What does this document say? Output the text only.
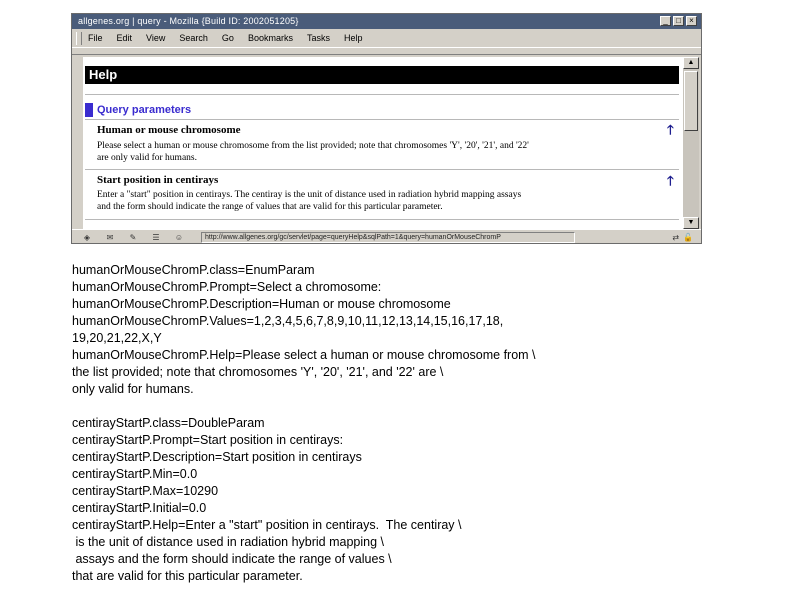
allgenes.org | query - Mozilla {Build ID: 2002051205}	_	□	×
File Edit View Search Go Bookmarks Tasks Help
Help
Query parameters
Human or mouse chromosome	🡑
Please select a human or mouse chromosome from the list provided; note that chromosomes 'Y', '20', '21', and '22'
are only valid for humans.
Start position in centirays	🡑
Enter a "start" position in centirays. The centiray is the unit of distance used in radiation hybrid mapping assays
and the form should indicate the range of values that are valid for this particular parameter.
▲
▼
◈	✉	✎	☰	☺	http://www.allgenes.org/gc/servlet/page=queryHelp&sqlPath=1&query=humanOrMouseChromP	⇄ 🔓
humanOrMouseChromP.class=EnumParam
humanOrMouseChromP.Prompt=Select a chromosome:
humanOrMouseChromP.Description=Human or mouse chromosome
humanOrMouseChromP.Values=1,2,3,4,5,6,7,8,9,10,11,12,13,14,15,16,17,18,
19,20,21,22,X,Y
humanOrMouseChromP.Help=Please select a human or mouse chromosome from \
the list provided; note that chromosomes 'Y', '20', '21', and '22' are \
only valid for humans.
centirayStartP.class=DoubleParam
centirayStartP.Prompt=Start position in centirays:
centirayStartP.Description=Start position in centirays
centirayStartP.Min=0.0
centirayStartP.Max=10290
centirayStartP.Initial=0.0
centirayStartP.Help=Enter a "start" position in centirays.  The centiray \
is the unit of distance used in radiation hybrid mapping \
assays and the form should indicate the range of values \
that are valid for this particular parameter.
